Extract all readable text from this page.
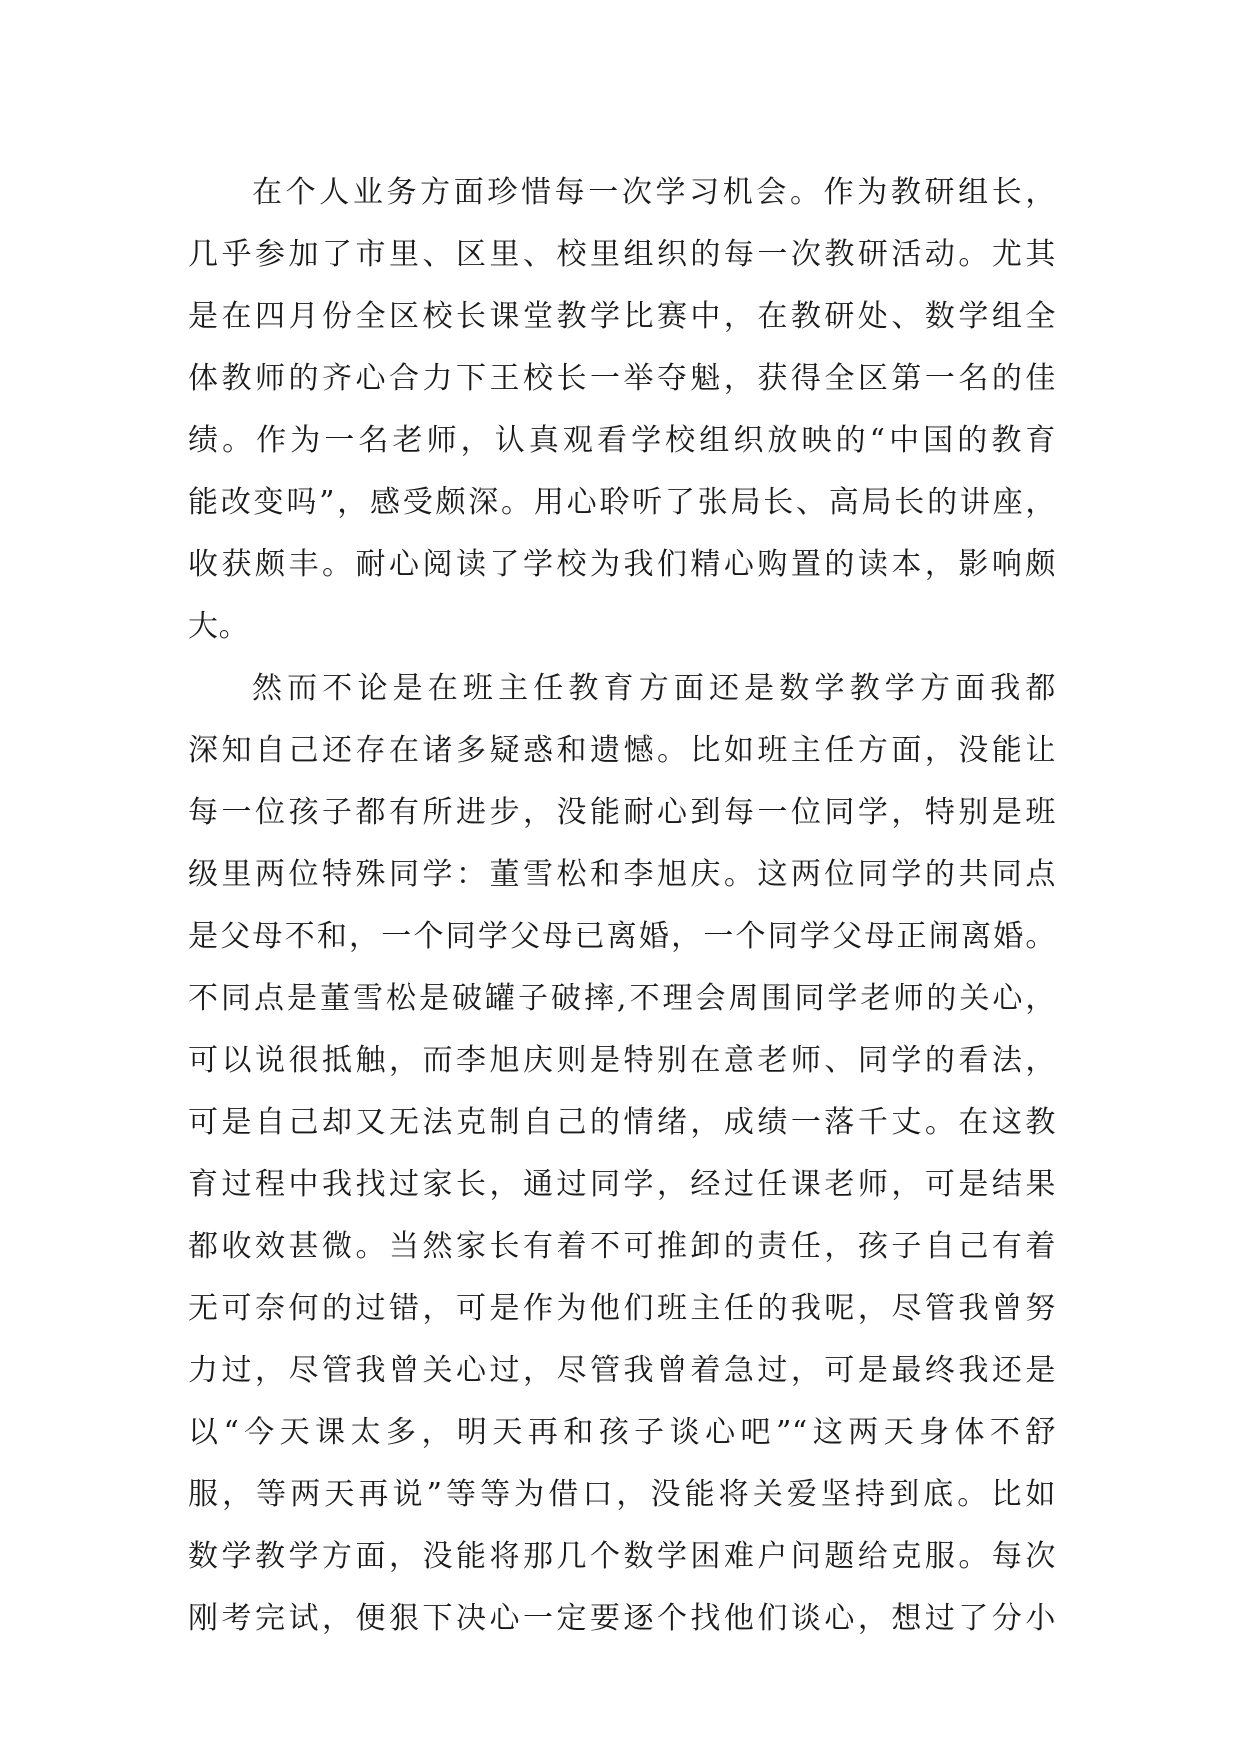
在个人业务方面珍惜每一次学习机会。作为教研组长，
几乎参加了市里、区里、校里组织的每一次教研活动。尤其
是在四月份全区校长课堂教学比赛中，在教研处、数学组全
体教师的齐心合力下王校长一举夺魁，获得全区第一名的佳
绩。作为一名老师，认真观看学校组织放映的“中国的教育
能改变吗”，感受颇深。用心聆听了张局长、高局长的讲座，
收获颇丰。耐心阅读了学校为我们精心购置的读本，影响颇
大。
然而不论是在班主任教育方面还是数学教学方面我都
深知自己还存在诸多疑惑和遗憾。比如班主任方面，没能让
每一位孩子都有所进步，没能耐心到每一位同学，特别是班
级里两位特殊同学：董雪松和李旭庆。这两位同学的共同点
是父母不和，一个同学父母已离婚，一个同学父母正闹离婚。
不同点是董雪松是破罐子破摔,不理会周围同学老师的关心，
可以说很抵触，而李旭庆则是特别在意老师、同学的看法，
可是自己却又无法克制自己的情绪，成绩一落千丈。在这教
育过程中我找过家长，通过同学，经过任课老师，可是结果
都收效甚微。当然家长有着不可推卸的责任，孩子自己有着
无可奈何的过错，可是作为他们班主任的我呢，尽管我曾努
力过，尽管我曾关心过，尽管我曾着急过，可是最终我还是
以“今天课太多，明天再和孩子谈心吧”“这两天身体不舒
服，等两天再说”等等为借口，没能将关爱坚持到底。比如
数学教学方面，没能将那几个数学困难户问题给克服。每次
刚考完试，便狠下决心一定要逐个找他们谈心，想过了分小
